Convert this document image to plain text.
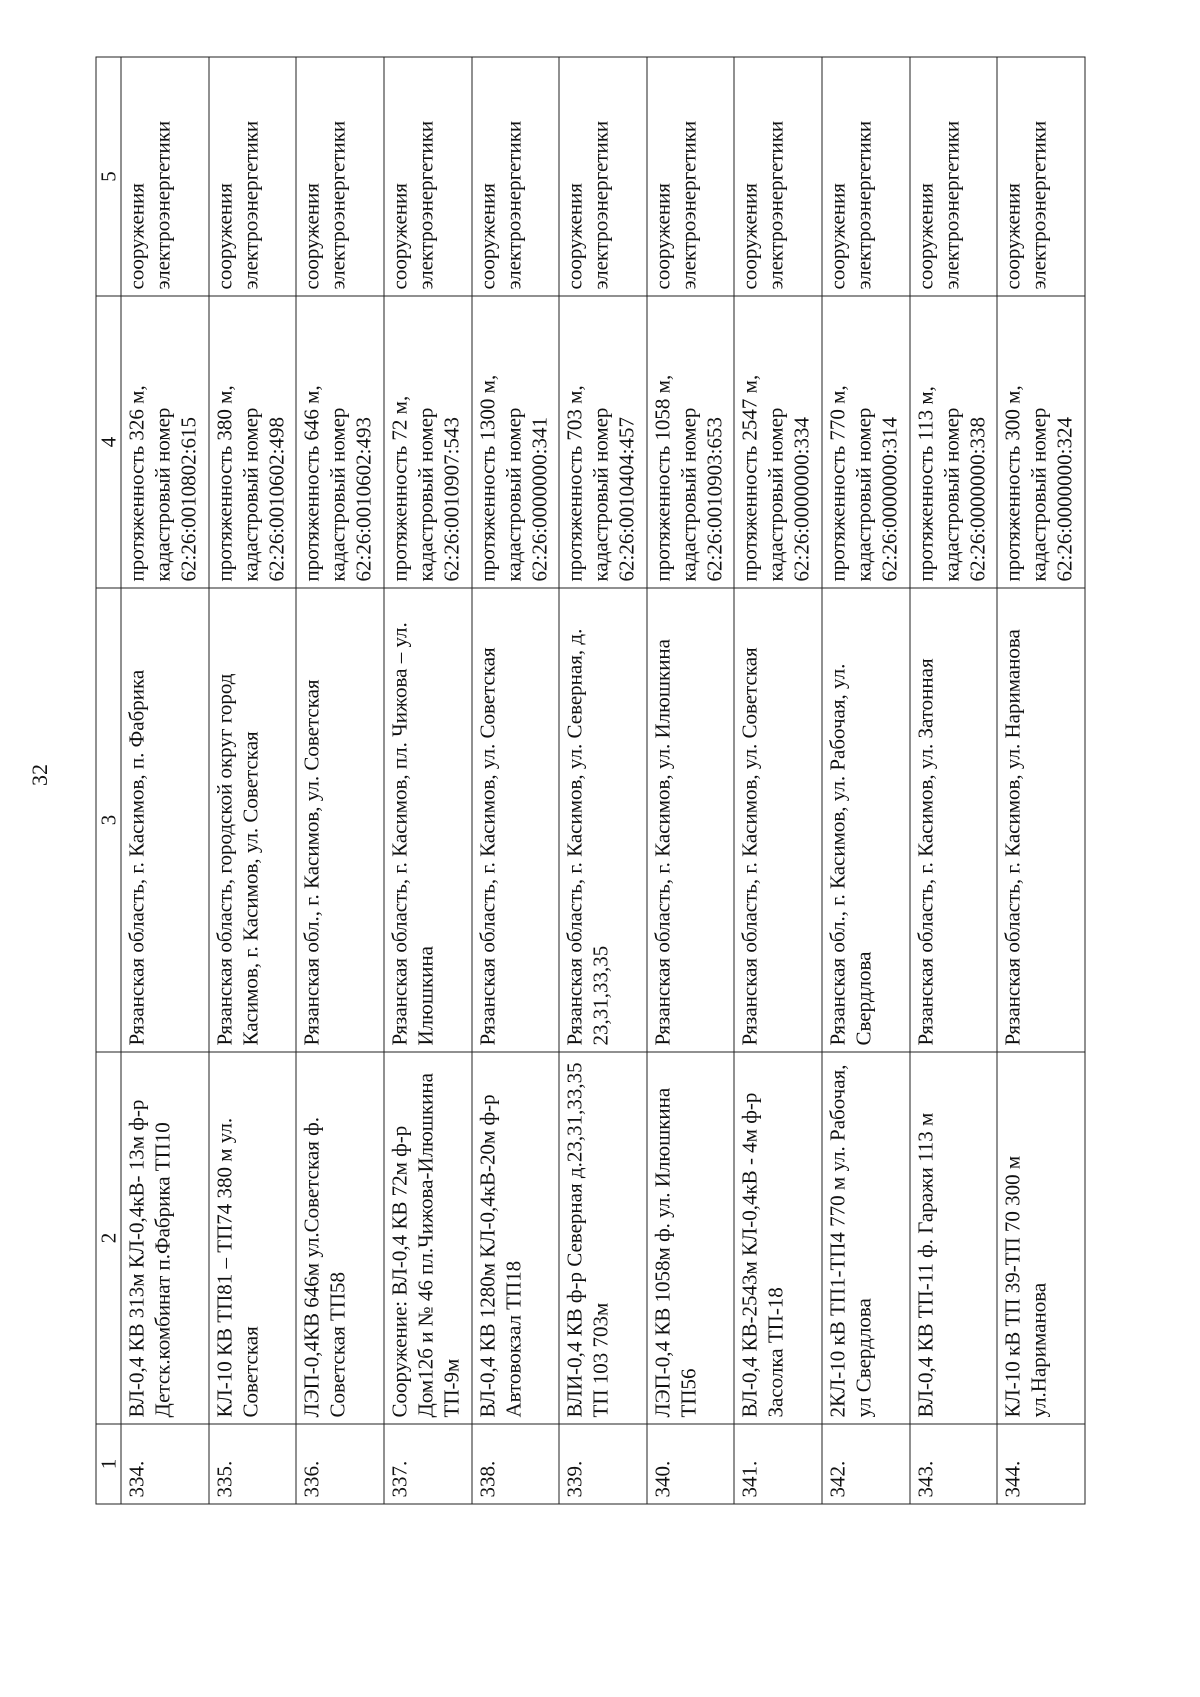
32
1	2	3	4	5
334.	ВЛ-0,4 КВ 313м КЛ-0,4кВ- 13м ф-р Детск.комбинат п.Фабрика ТП10	Рязанская область, г. Касимов, п. Фабрика	протяженность 326 м, кадастровый номер 62:26:0010802:615	сооружения электроэнергетики
335.	КЛ-10 КВ ТП81 – ТП74 380 м ул. Советская	Рязанская область, городской округ город Касимов, г. Касимов, ул. Советская	протяженность 380 м, кадастровый номер 62:26:0010602:498	сооружения электроэнергетики
336.	ЛЭП-0,4КВ 646м ул.Советская ф. Советская ТП58	Рязанская обл., г. Касимов, ул. Советская	протяженность 646 м, кадастровый номер 62:26:0010602:493	сооружения электроэнергетики
337.	Сооружение: ВЛ-0,4 КВ 72м ф-р Дом12б и № 46 пл.Чижова-Илюшкина ТП-9м	Рязанская область, г. Касимов, пл. Чижова – ул. Илюшкина	протяженность 72 м, кадастровый номер 62:26:0010907:543	сооружения электроэнергетики
338.	ВЛ-0,4 КВ 1280м КЛ-0,4кВ-20м ф-р Автовокзал ТП18	Рязанская область, г. Касимов, ул. Советская	протяженность 1300 м, кадастровый номер 62:26:0000000:341	сооружения электроэнергетики
339.	ВЛИ-0,4 КВ ф-р Северная д.23,31,33,35 ТП 103 703м	Рязанская область, г. Касимов, ул. Северная, д. 23,31,33,35	протяженность 703 м, кадастровый номер 62:26:0010404:457	сооружения электроэнергетики
340.	ЛЭП-0,4 КВ 1058м ф. ул. Илюшкина ТП56	Рязанская область, г. Касимов, ул. Илюшкина	протяженность 1058 м, кадастровый номер 62:26:0010903:653	сооружения электроэнергетики
341.	ВЛ-0,4 КВ-2543м КЛ-0,4кВ - 4м ф-р Засолка ТП-18	Рязанская область, г. Касимов, ул. Советская	протяженность 2547 м, кадастровый номер 62:26:0000000:334	сооружения электроэнергетики
342.	2КЛ-10 кВ ТП1-ТП4 770 м ул. Рабочая, ул Свердлова	Рязанская обл., г. Касимов, ул. Рабочая, ул. Свердлова	протяженность 770 м, кадастровый номер 62:26:0000000:314	сооружения электроэнергетики
343.	ВЛ-0,4 КВ ТП-11 ф. Гаражи 113 м	Рязанская область, г. Касимов, ул. Затонная	протяженность 113 м, кадастровый номер 62:26:0000000:338	сооружения электроэнергетики
344.	КЛ-10 кВ ТП 39-ТП 70 300 м ул.Нариманова	Рязанская область, г. Касимов, ул. Нариманова	протяженность 300 м, кадастровый номер 62:26:0000000:324	сооружения электроэнергетики
